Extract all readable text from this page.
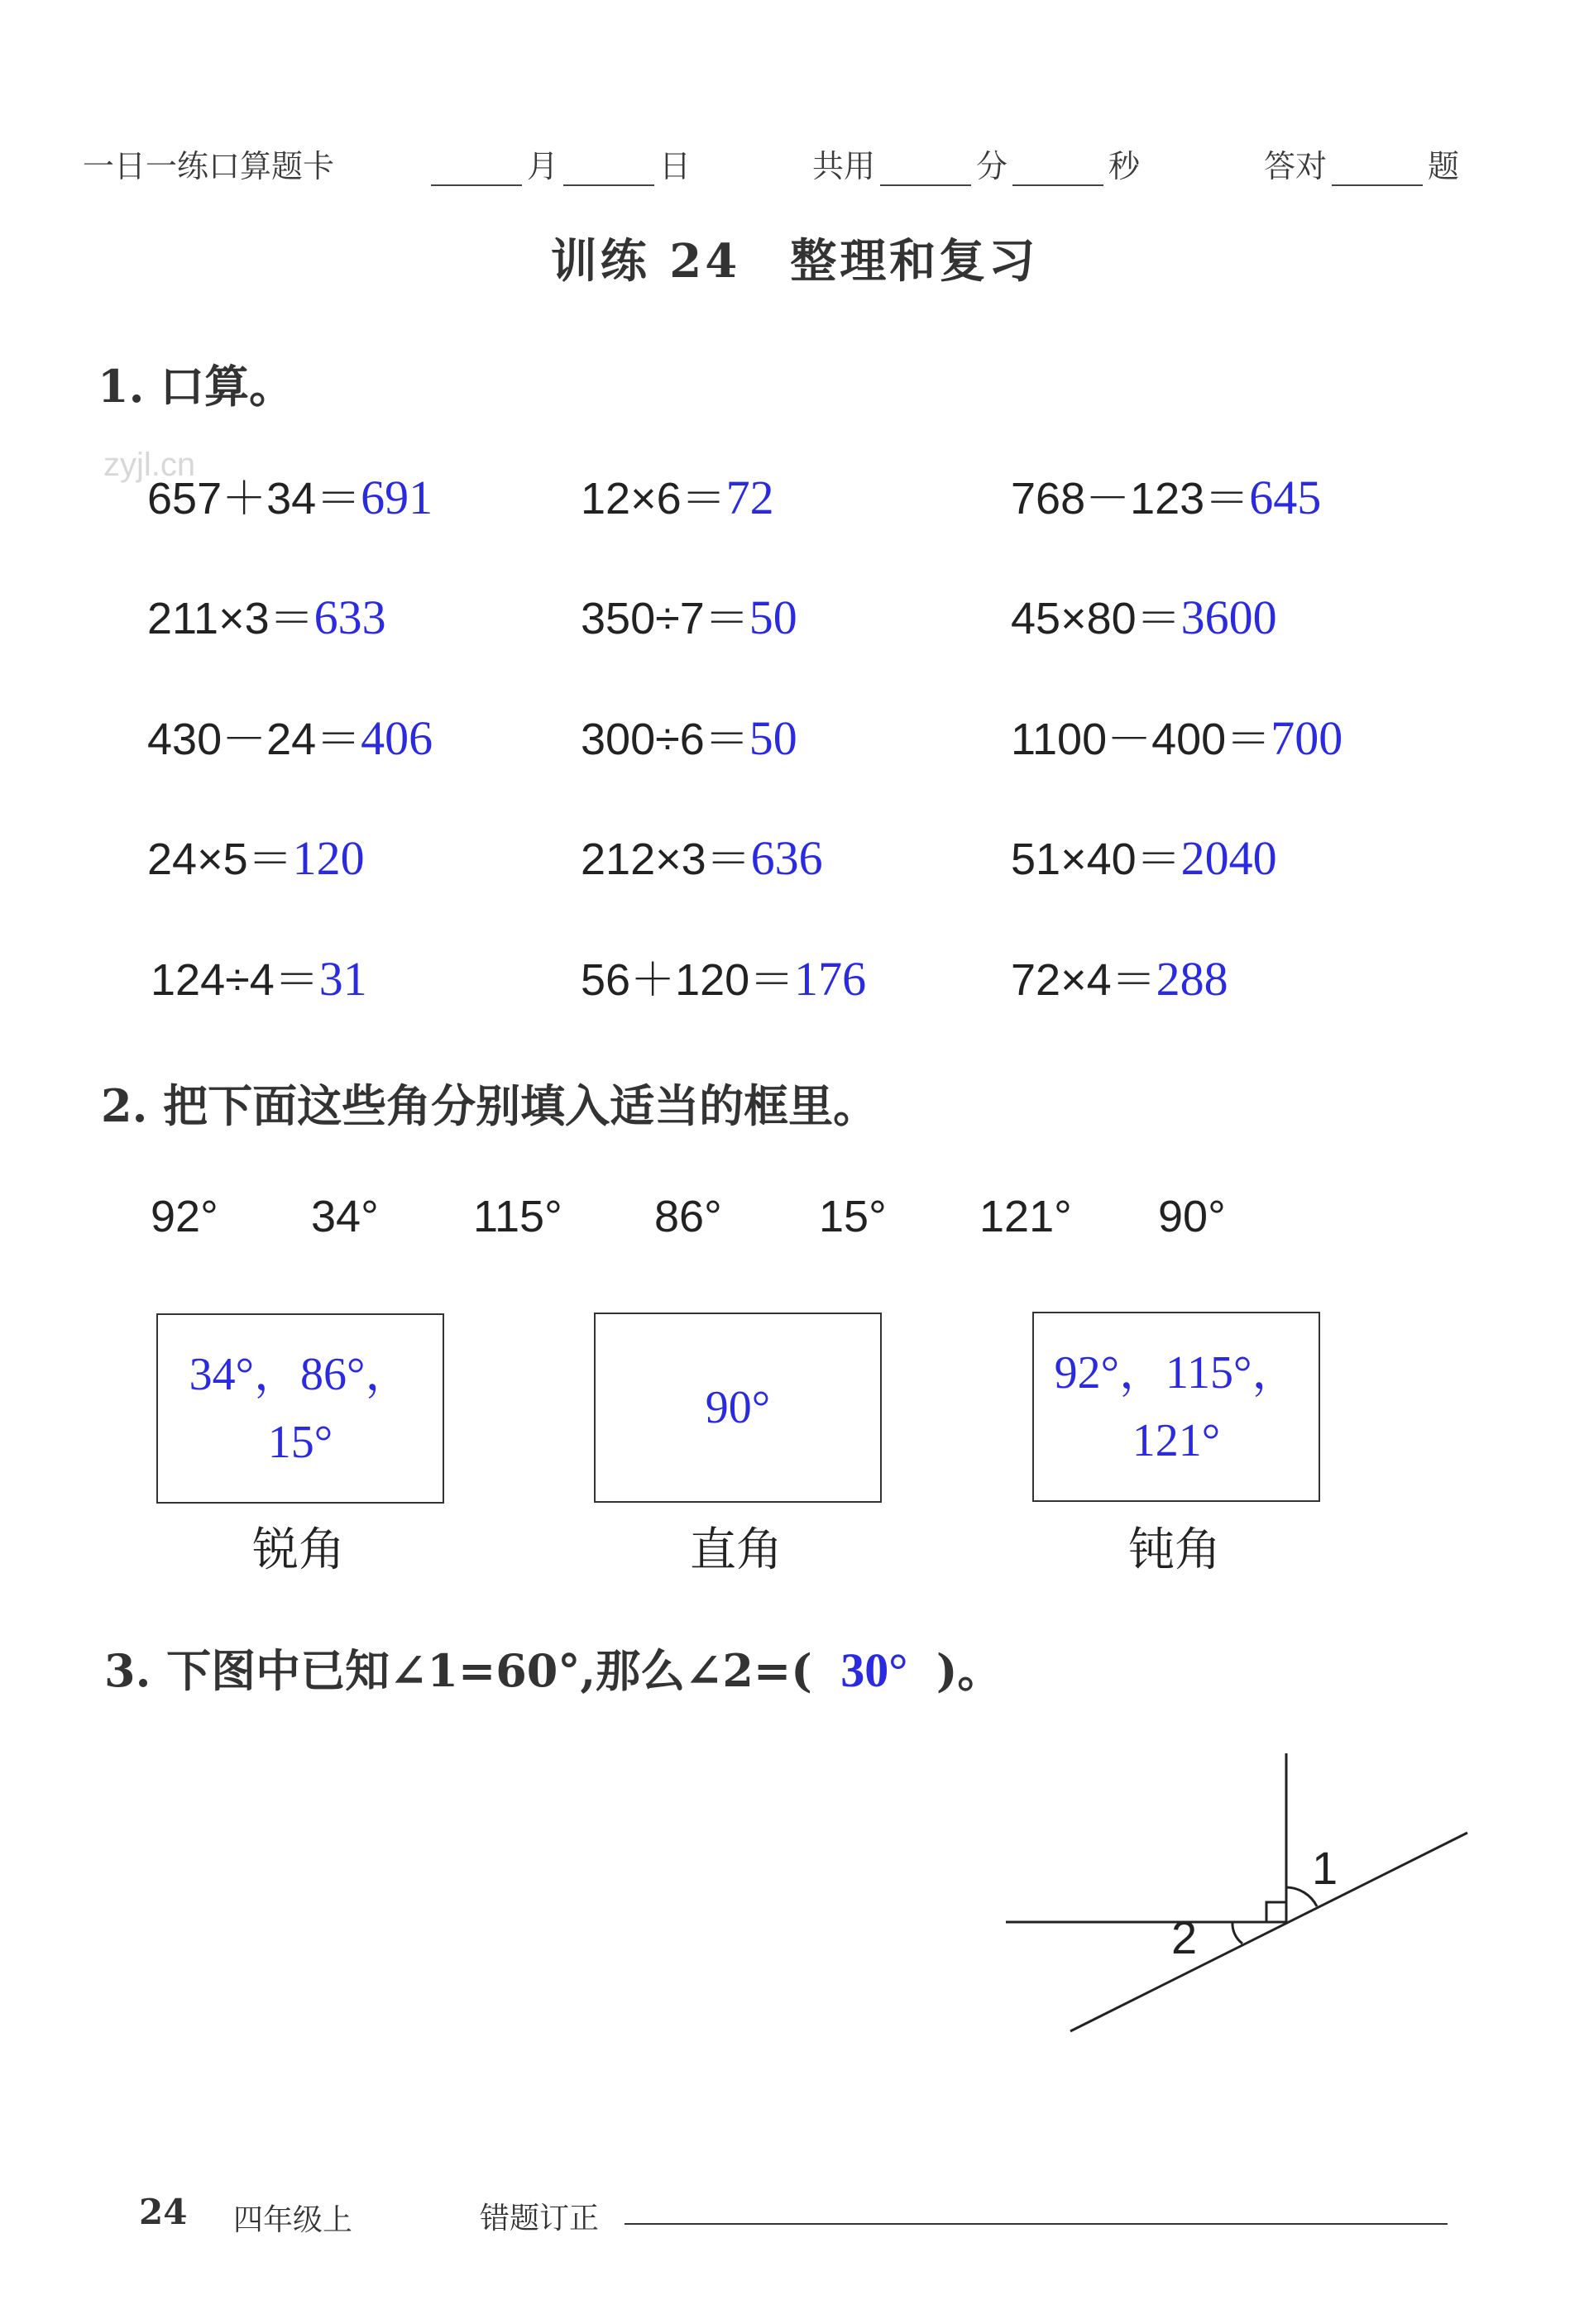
一日一练口算题卡	月	日	共用	分	秒	答对	题
训练 24　整理和复习
1. 口算。
zyjl.cn
657＋34＝691	12×6＝72	768－123＝645
211×3＝633	350÷7＝50	45×80＝3600
430－24＝406	300÷6＝50	1100－400＝700
24×5＝120	212×3＝636	51×40＝2040
124÷4＝31	56＋120＝176	72×4＝288
2. 把下面这些角分别填入适当的框里。
92° 34° 115° 86° 15° 121° 90°
34°，86°，
15°
锐角
90°
直角
92°，115°，
121°
钝角
3. 下图中已知∠1=60°,那么∠2=( 30° )。
1
2
24 四年级上	错题订正
